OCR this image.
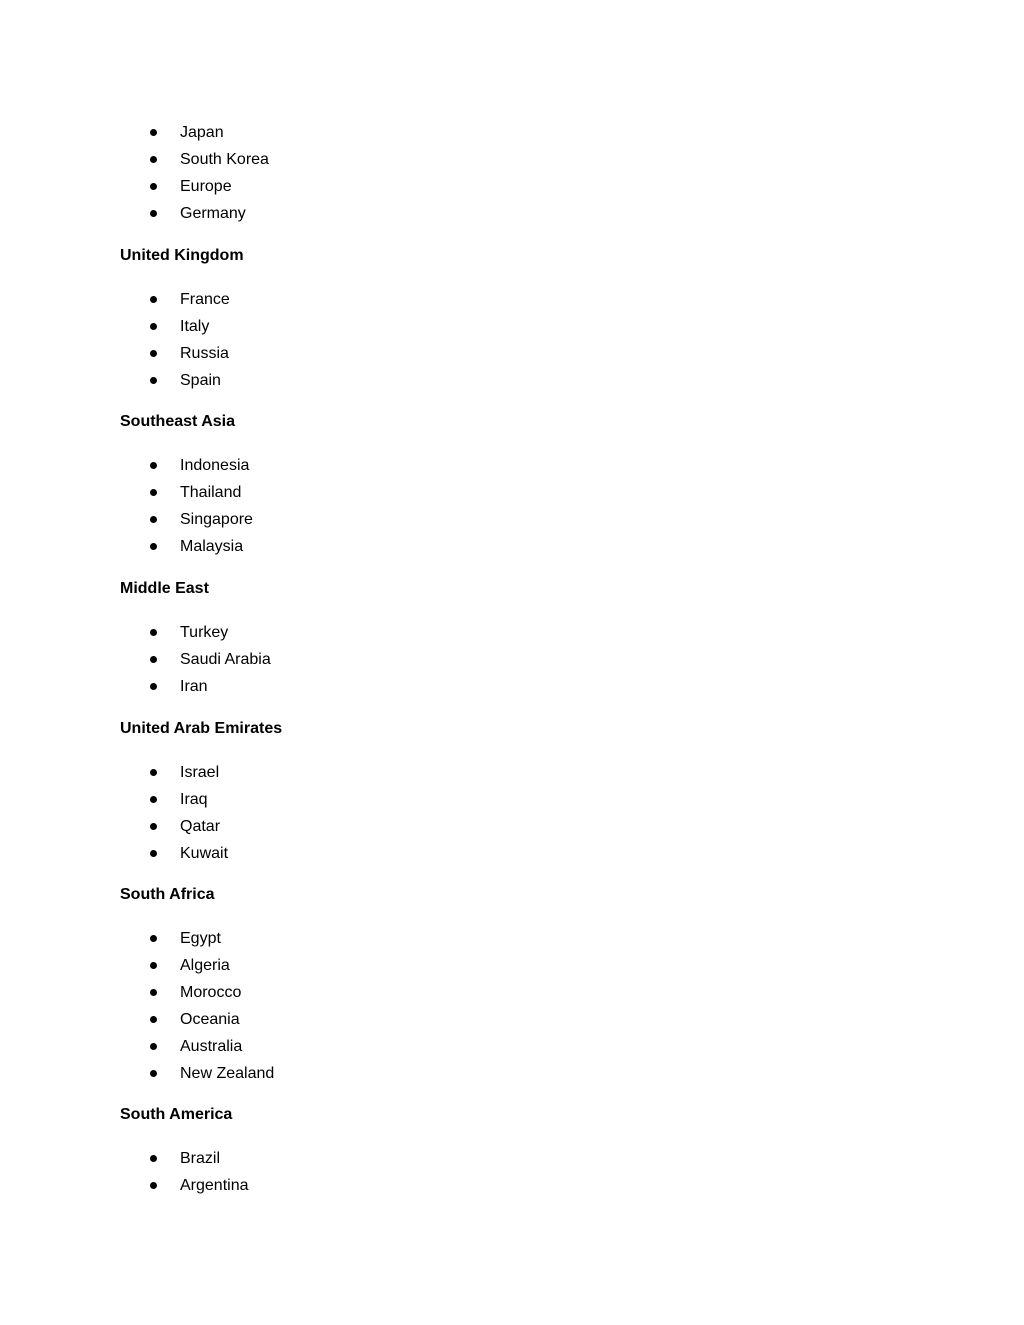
Japan
South Korea
Europe
Germany
United Kingdom
France
Italy
Russia
Spain
Southeast Asia
Indonesia
Thailand
Singapore
Malaysia
Middle East
Turkey
Saudi Arabia
Iran
United Arab Emirates
Israel
Iraq
Qatar
Kuwait
South Africa
Egypt
Algeria
Morocco
Oceania
Australia
New Zealand
South America
Brazil
Argentina
